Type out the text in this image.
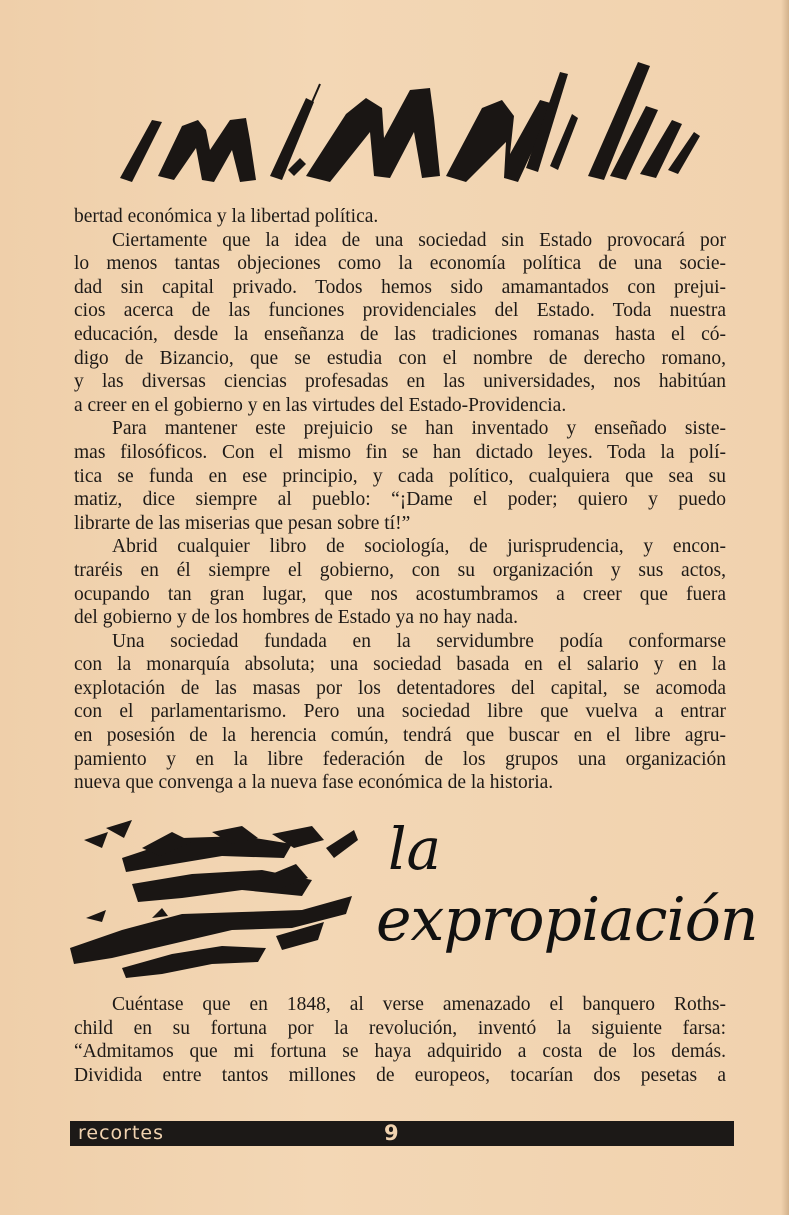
bertad económica y la libertad política.
Ciertamente que la idea de una sociedad sin Estado provocará por
lo menos tantas objeciones como la economía política de una socie-
dad sin capital privado. Todos hemos sido amamantados con prejui-
cios acerca de las funciones providenciales del Estado. Toda nuestra
educación, desde la enseñanza de las tradiciones romanas hasta el có-
digo de Bizancio, que se estudia con el nombre de derecho romano,
y las diversas ciencias profesadas en las universidades, nos habitúan
a creer en el gobierno y en las virtudes del Estado-Providencia.
Para mantener este prejuicio se han inventado y enseñado siste-
mas filosóficos. Con el mismo fin se han dictado leyes. Toda la polí-
tica se funda en ese principio, y cada político, cualquiera que sea su
matiz, dice siempre al pueblo: “¡Dame el poder; quiero y puedo
librarte de las miserias que pesan sobre tí!”
Abrid cualquier libro de sociología, de jurisprudencia, y encon-
traréis en él siempre el gobierno, con su organización y sus actos,
ocupando tan gran lugar, que nos acostumbramos a creer que fuera
del gobierno y de los hombres de Estado ya no hay nada.
Una sociedad fundada en la servidumbre podía conformarse
con la monarquía absoluta; una sociedad basada en el salario y en la
explotación de las masas por los detentadores del capital, se acomoda
con el parlamentarismo. Pero una sociedad libre que vuelva a entrar
en posesión de la herencia común, tendrá que buscar en el libre agru-
pamiento y en la libre federación de los grupos una organización
nueva que convenga a la nueva fase económica de la historia.
la
expropiación
Cuéntase que en 1848, al verse amenazado el banquero Roths-
child en su fortuna por la revolución, inventó la siguiente farsa:
“Admitamos que mi fortuna se haya adquirido a costa de los demás.
Dividida entre tantos millones de europeos, tocarían dos pesetas a
recortes	9
